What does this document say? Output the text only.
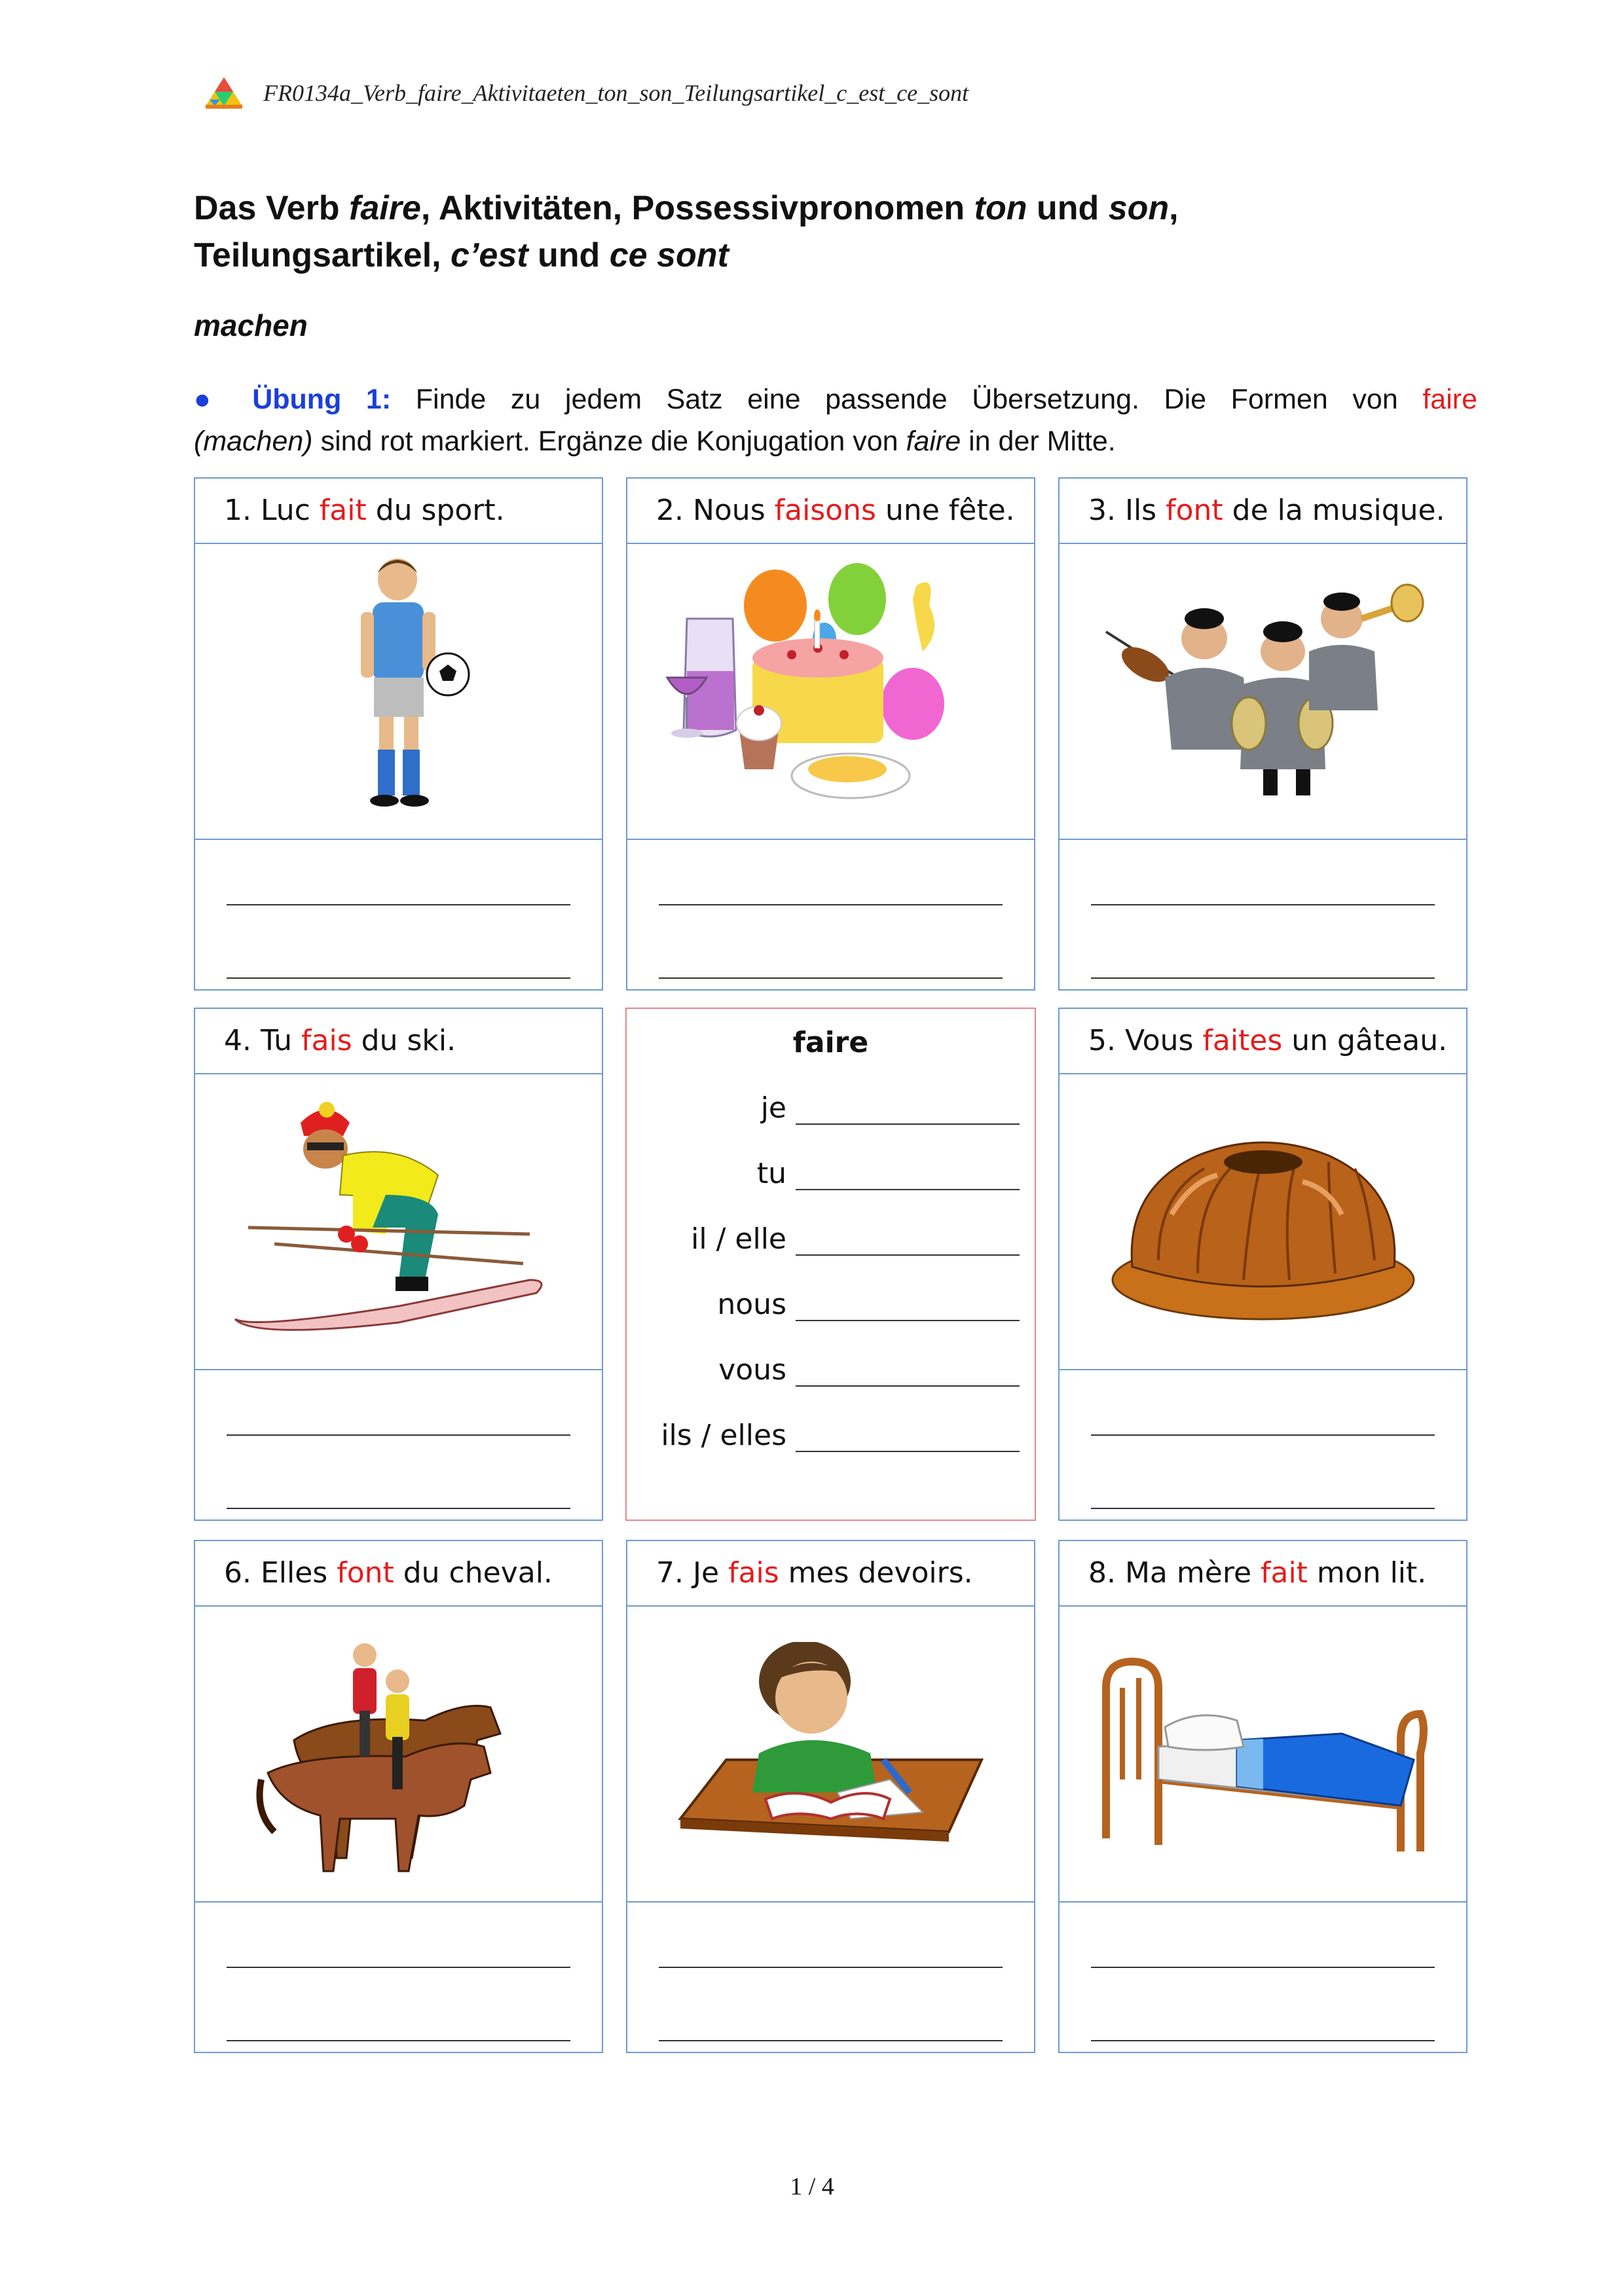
FR0134a_Verb_faire_Aktivitaeten_ton_son_Teilungsartikel_c_est_ce_sont
Das Verb faire, Aktivitäten, Possessivpronomen ton und son,
Teilungsartikel, c’est und ce sont
machen
● Übung 1: Finde zu jedem Satz eine passende Übersetzung. Die Formen von faire
(machen) sind rot markiert. Ergänze die Konjugation von faire in der Mitte.
1. Luc fait du sport.	2. Nous faisons une fête.	3. Ils font de la musique.
4. Tu fais du ski.	faire
je
tu
il / elle
nous
vous
ils / elles
5. Vous faites un gâteau.
6. Elles font du cheval.	7. Je fais mes devoirs.	8. Ma mère fait mon lit.
1 / 4
